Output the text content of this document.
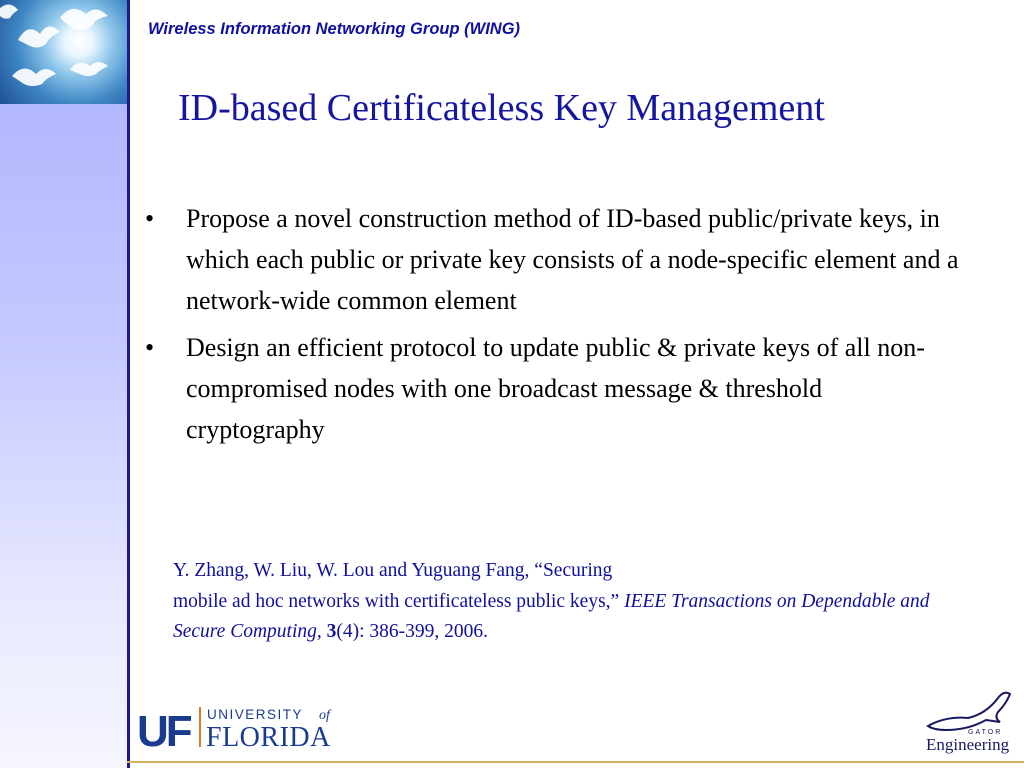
Wireless Information Networking Group (WING)
ID-based Certificateless Key Management
• Propose a novel construction method of ID-based public/private keys, in which each public or private key consists of a node-specific element and a network-wide common element
• Design an efficient protocol to update public & private keys of all non-compromised nodes with one broadcast message & threshold cryptography
Y. Zhang, W. Liu, W. Lou and Yuguang Fang, “Securing
mobile ad hoc networks with certificateless public keys,” IEEE Transactions on Dependable and Secure Computing, 3(4): 386-399, 2006.
UF UNIVERSITY of
FLORIDA	GATOR
Engineering
